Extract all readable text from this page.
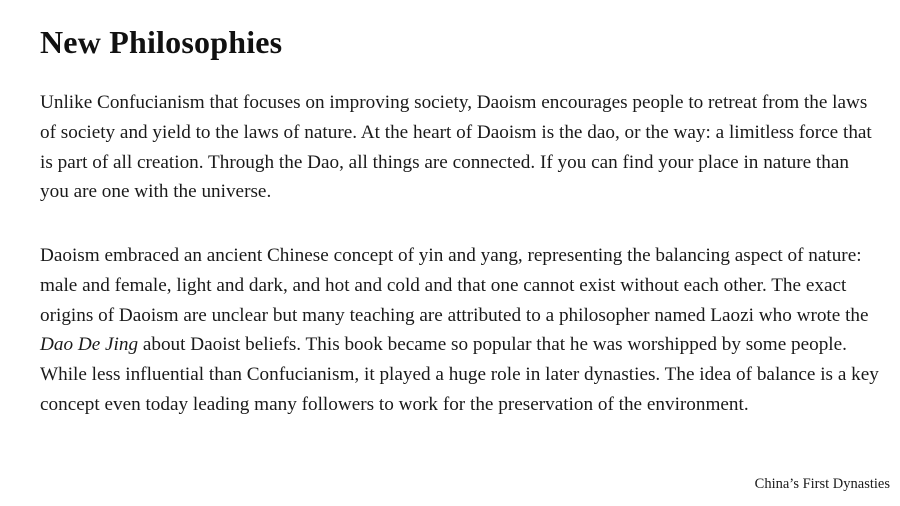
New Philosophies

Unlike Confucianism that focuses on improving society, Daoism encourages people to retreat from the laws of society and yield to the laws of nature. At the heart of Daoism is the dao, or the way: a limitless force that is part of all creation. Through the Dao, all things are connected. If you can find your place in nature than you are one with the universe.

Daoism embraced an ancient Chinese concept of yin and yang, representing the balancing aspect of nature: male and female, light and dark, and hot and cold and that one cannot exist without each other. The exact origins of Daoism are unclear but many teaching are attributed to a philosopher named Laozi who wrote the Dao De Jing about Daoist beliefs. This book became so popular that he was worshipped by some people. While less influential than Confucianism, it played a huge role in later dynasties. The idea of balance is a key concept even today leading many followers to work for the preservation of the environment.

China’s First Dynasties
